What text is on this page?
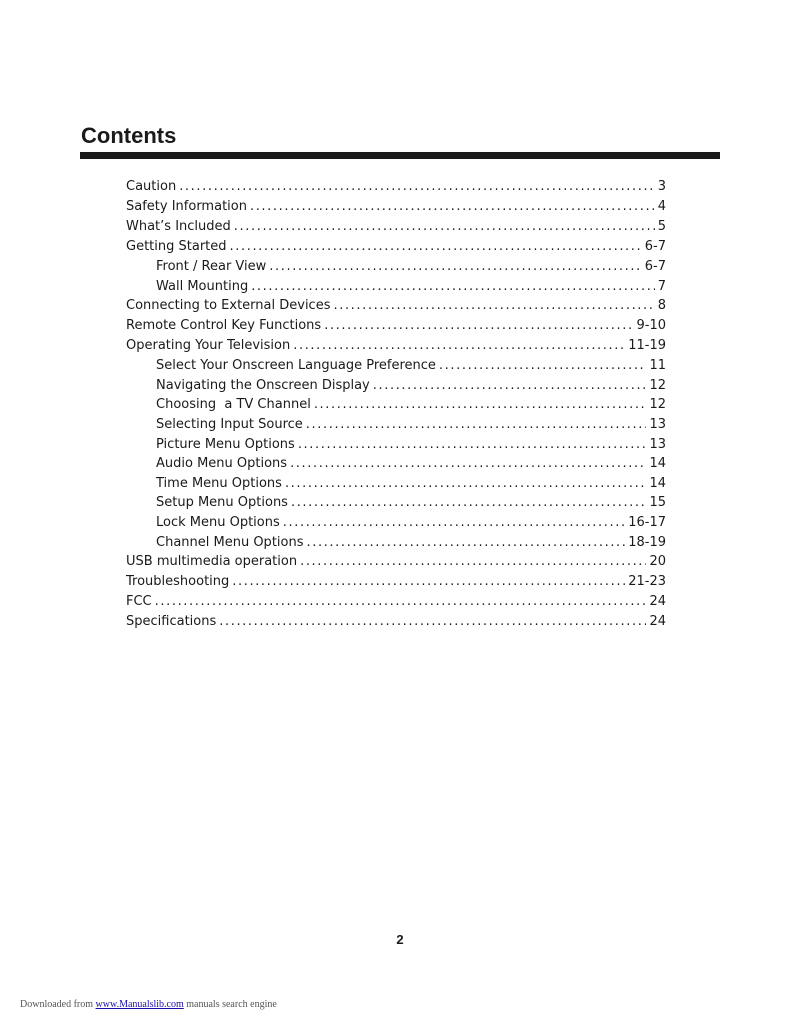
Contents
Caution .....	3
Safety Information .....	4
What’s Included .....	5
Getting Started .....	6-7
Front / Rear View .....	6-7
Wall Mounting .....	7
Connecting to External Devices .....	8
Remote Control Key Functions .....	9-10
Operating Your Television .....	11-19
Select Your Onscreen Language Preference .....	11
Navigating the Onscreen Display .....	12
Choosing  a TV Channel .....	12
Selecting Input Source .....	13
Picture Menu Options .....	13
Audio Menu Options .....	14
Time Menu Options .....	14
Setup Menu Options .....	15
Lock Menu Options .....	16-17
Channel Menu Options .....	18-19
USB multimedia operation .....	20
Troubleshooting .....	21-23
FCC .....	24
Specifications .....	24
2
Downloaded from www.Manualslib.com manuals search engine
